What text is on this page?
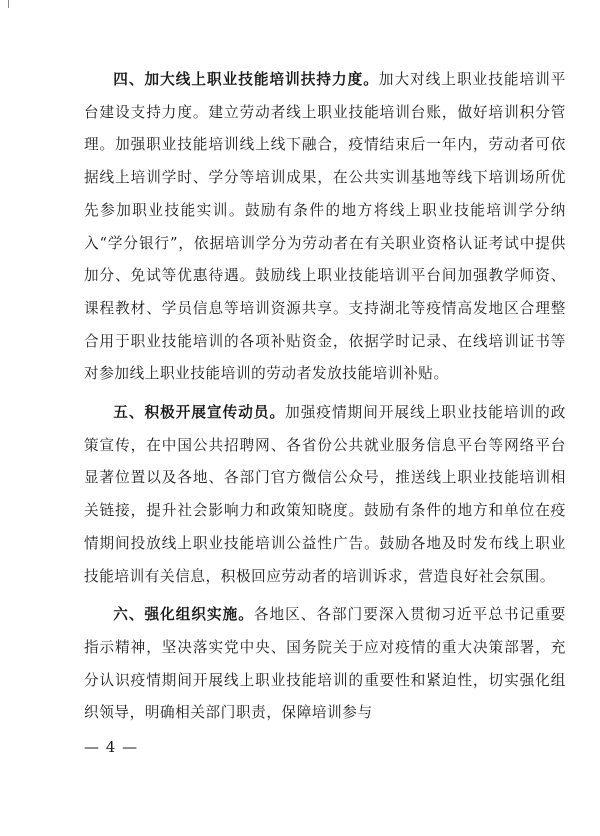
四、加大线上职业技能培训扶持力度。加大对线上职业技能培训平台建设支持力度。建立劳动者线上职业技能培训台账，做好培训积分管理。加强职业技能培训线上线下融合，疫情结束后一年内，劳动者可依据线上培训学时、学分等培训成果，在公共实训基地等线下培训场所优先参加职业技能实训。鼓励有条件的地方将线上职业技能培训学分纳入“学分银行”，依据培训学分为劳动者在有关职业资格认证考试中提供加分、免试等优惠待遇。鼓励线上职业技能培训平台间加强教学师资、课程教材、学员信息等培训资源共享。支持湖北等疫情高发地区合理整合用于职业技能培训的各项补贴资金，依据学时记录、在线培训证书等对参加线上职业技能培训的劳动者发放技能培训补贴。

五、积极开展宣传动员。加强疫情期间开展线上职业技能培训的政策宣传，在中国公共招聘网、各省份公共就业服务信息平台等网络平台显著位置以及各地、各部门官方微信公众号，推送线上职业技能培训相关链接，提升社会影响力和政策知晓度。鼓励有条件的地方和单位在疫情期间投放线上职业技能培训公益性广告。鼓励各地及时发布线上职业技能培训有关信息，积极回应劳动者的培训诉求，营造良好社会氛围。

六、强化组织实施。各地区、各部门要深入贯彻习近平总书记重要指示精神，坚决落实党中央、国务院关于应对疫情的重大决策部署，充分认识疫情期间开展线上职业技能培训的重要性和紧迫性，切实强化组织领导，明确相关部门职责，保障培训参与

— 4 —
